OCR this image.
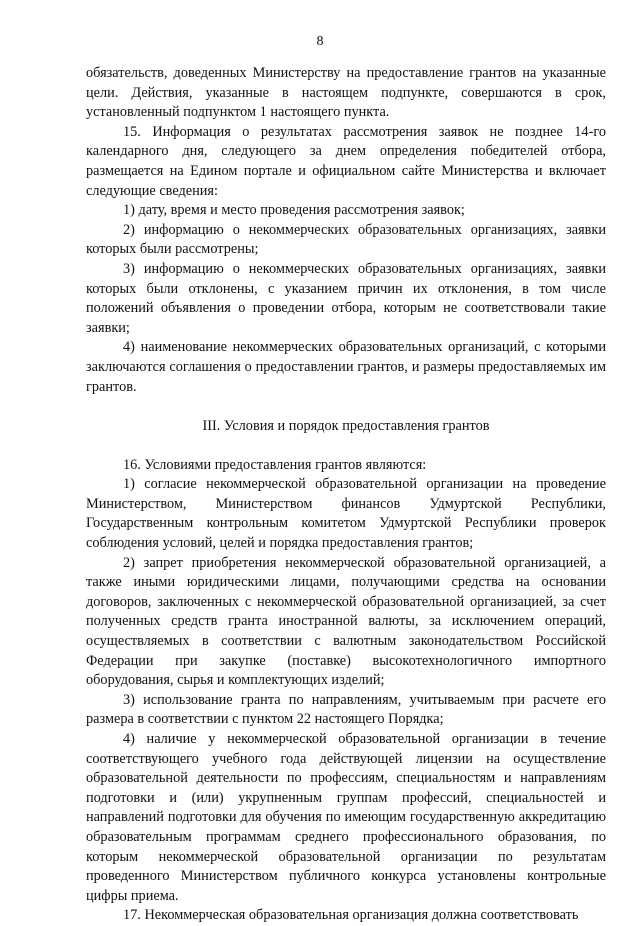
8

обязательств, доведенных Министерству на предоставление грантов на указанные цели. Действия, указанные в настоящем подпункте, совершаются в срок, установленный подпунктом 1 настоящего пункта.

15. Информация о результатах рассмотрения заявок не позднее 14-го календарного дня, следующего за днем определения победителей отбора, размещается на Едином портале и официальном сайте Министерства и включает следующие сведения:

1) дату, время и место проведения рассмотрения заявок;

2) информацию о некоммерческих образовательных организациях, заявки которых были рассмотрены;

3) информацию о некоммерческих образовательных организациях, заявки которых были отклонены, с указанием причин их отклонения, в том числе положений объявления о проведении отбора, которым не соответствовали такие заявки;

4) наименование некоммерческих образовательных организаций, с которыми заключаются соглашения о предоставлении грантов, и размеры предоставляемых им грантов.

III. Условия и порядок предоставления грантов

16. Условиями предоставления грантов являются:

1) согласие некоммерческой образовательной организации на проведение Министерством, Министерством финансов Удмуртской Республики, Государственным контрольным комитетом Удмуртской Республики проверок соблюдения условий, целей и порядка предоставления грантов;

2) запрет приобретения некоммерческой образовательной организацией, а также иными юридическими лицами, получающими средства на основании договоров, заключенных с некоммерческой образовательной организацией, за счет полученных средств гранта иностранной валюты, за исключением операций, осуществляемых в соответствии с валютным законодательством Российской Федерации при закупке (поставке) высокотехнологичного импортного оборудования, сырья и комплектующих изделий;

3) использование гранта по направлениям, учитываемым при расчете его размера в соответствии с пунктом 22 настоящего Порядка;

4) наличие у некоммерческой образовательной организации в течение соответствующего учебного года действующей лицензии на осуществление образовательной деятельности по профессиям, специальностям и направлениям подготовки и (или) укрупненным группам профессий, специальностей и направлений подготовки для обучения по имеющим государственную аккредитацию образовательным программам среднего профессионального образования, по которым некоммерческой образовательной организации по результатам проведенного Министерством публичного конкурса установлены контрольные цифры приема.

17. Некоммерческая образовательная организация должна соответствовать
